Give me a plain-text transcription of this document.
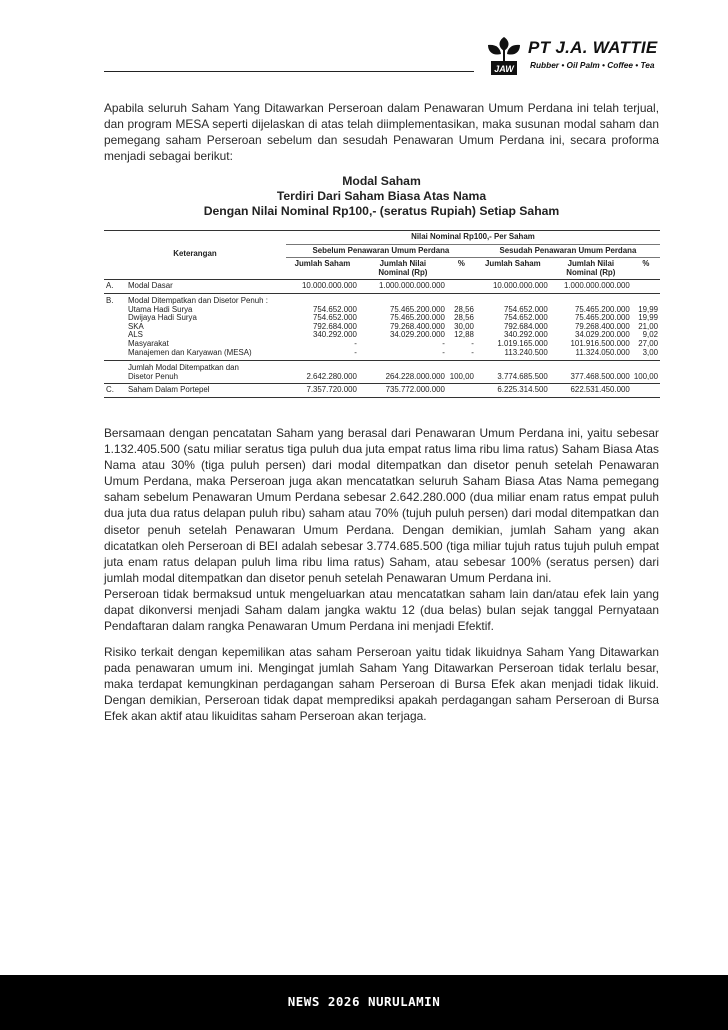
JAW
PT J.A. WATTIE
Rubber • Oil Palm • Coffee • Tea

Apabila seluruh Saham Yang Ditawarkan Perseroan dalam Penawaran Umum Perdana ini telah terjual, dan program MESA seperti dijelaskan di atas telah diimplementasikan, maka susunan modal saham dan pemegang saham Perseroan sebelum dan sesudah Penawaran Umum Perdana ini, secara proforma menjadi sebagai berikut:

Modal Saham
Terdiri Dari Saham Biasa Atas Nama
Dengan Nilai Nominal Rp100,- (seratus Rupiah) Setiap Saham
Keterangan		Nilai Nominal Rp100,- Per Saham					
		Sebelum Penawaran Umum Perdana			Sesudah Penawaran Umum Perdana		
		Jumlah Saham	Jumlah Nilai
Nominal (Rp)	%	Jumlah Saham	Jumlah Nilai
Nominal (Rp)	%

A.	Modal Dasar	10.000.000.000	1.000.000.000.000		10.000.000.000	1.000.000.000.000	
B.	Modal Ditempatkan dan Disetor Penuh :						
	Utama Hadi Surya	754.652.000	75.465.200.000	28,56	754.652.000	75.465.200.000	19,99
	Dwijaya Hadi Surya	754.652.000	75.465.200.000	28,56	754.652.000	75.465.200.000	19,99
	SKA	792.684.000	79.268.400.000	30,00	792.684.000	79.268.400.000	21,00
	ALS	340.292.000	34.029.200.000	12,88	340.292.000	34.029.200.000	9,02
	Masyarakat	-	-	-	1.019.165.000	101.916.500.000	27,00
	Manajemen dan Karyawan (MESA)	-	-	-	113.240.500	11.324.050.000	3,00

	Jumlah Modal Ditempatkan dan						
	Disetor Penuh	2.642.280.000	264.228.000.000	100,00	3.774.685.500	377.468.500.000	100,00
C.	Saham Dalam Portepel	7.357.720.000	735.772.000.000		6.225.314.500	622.531.450.000	

Bersamaan dengan pencatatan Saham yang berasal dari Penawaran Umum Perdana ini, yaitu sebesar 1.132.405.500 (satu miliar seratus tiga puluh dua juta empat ratus lima ribu lima ratus) Saham Biasa Atas Nama atau 30% (tiga puluh persen) dari modal ditempatkan dan disetor penuh setelah Penawaran Umum Perdana, maka Perseroan juga akan mencatatkan seluruh Saham Biasa Atas Nama pemegang saham sebelum Penawaran Umum Perdana sebesar 2.642.280.000 (dua miliar enam ratus empat puluh dua juta dua ratus delapan puluh ribu) saham atau 70% (tujuh puluh persen) dari modal ditempatkan dan disetor penuh setelah Penawaran Umum Perdana. Dengan demikian, jumlah Saham yang akan dicatatkan oleh Perseroan di BEI adalah sebesar 3.774.685.500 (tiga miliar tujuh ratus tujuh puluh empat juta enam ratus delapan puluh lima ribu lima ratus) Saham, atau sebesar 100% (seratus persen) dari jumlah modal ditempatkan dan disetor penuh setelah Penawaran Umum Perdana ini.

Perseroan tidak bermaksud untuk mengeluarkan atau mencatatkan saham lain dan/atau efek lain yang dapat dikonversi menjadi Saham dalam jangka waktu 12 (dua belas) bulan sejak tanggal Pernyataan Pendaftaran dalam rangka Penawaran Umum Perdana ini menjadi Efektif.

Risiko terkait dengan kepemilikan atas saham Perseroan yaitu tidak likuidnya Saham Yang Ditawarkan pada penawaran umum ini. Mengingat jumlah Saham Yang Ditawarkan Perseroan tidak terlalu besar, maka terdapat kemungkinan perdagangan saham Perseroan di Bursa Efek akan menjadi tidak likuid. Dengan demikian, Perseroan tidak dapat memprediksi apakah perdagangan saham Perseroan di Bursa Efek akan aktif atau likuiditas saham Perseroan akan terjaga.

NEWS 2026 NURULAMIN
